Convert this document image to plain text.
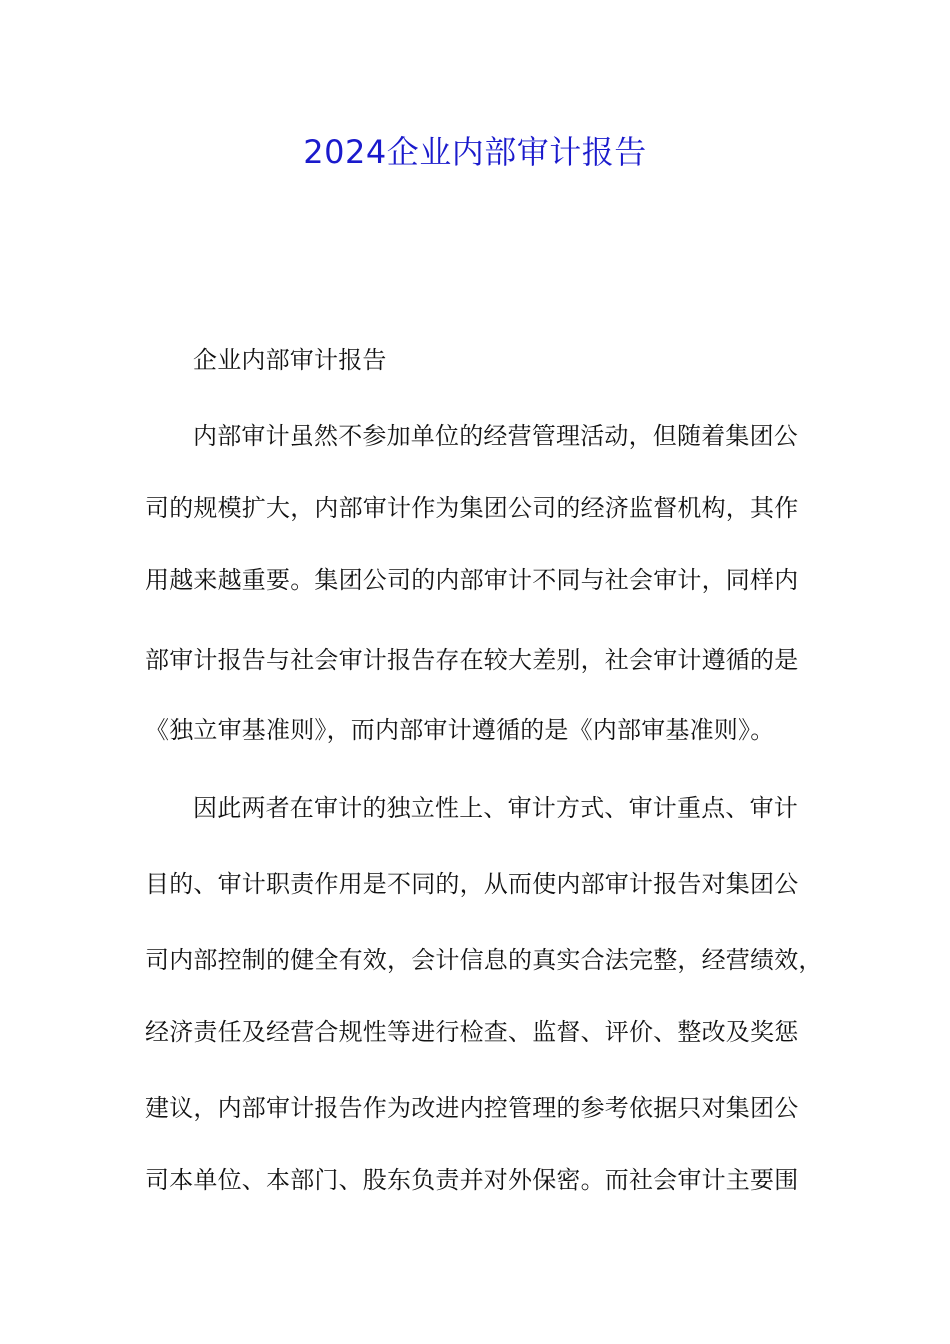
2024企业内部审计报告
企业内部审计报告
内部审计虽然不参加单位的经营管理活动，但随着集团公
司的规模扩大，内部审计作为集团公司的经济监督机构，其作
用越来越重要。集团公司的内部审计不同与社会审计，同样内
部审计报告与社会审计报告存在较大差别，社会审计遵循的是
《独立审基准则》，而内部审计遵循的是《内部审基准则》。
因此两者在审计的独立性上、审计方式、审计重点、审计
目的、审计职责作用是不同的，从而使内部审计报告对集团公
司内部控制的健全有效，会计信息的真实合法完整，经营绩效，
经济责任及经营合规性等进行检查、监督、评价、整改及奖惩
建议，内部审计报告作为改进内控管理的参考依据只对集团公
司本单位、本部门、股东负责并对外保密。而社会审计主要围
